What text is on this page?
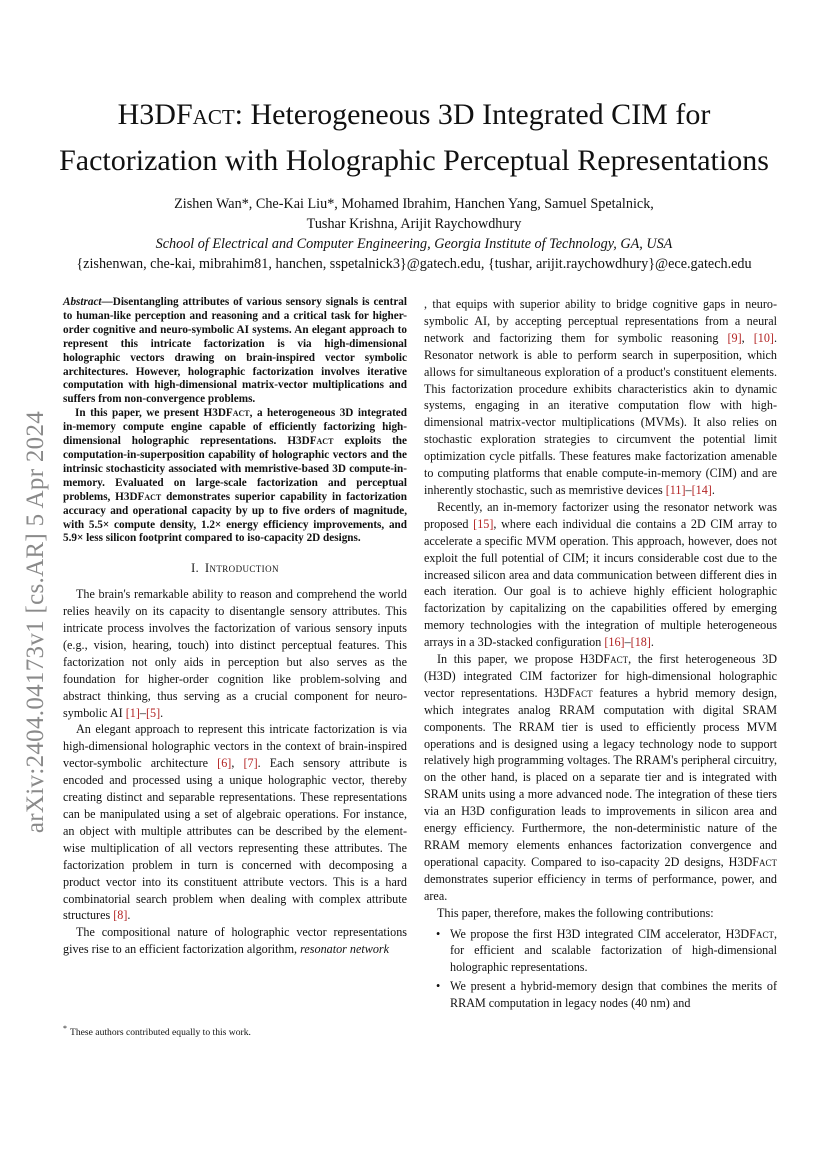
arXiv:2404.04173v1 [cs.AR] 5 Apr 2024
H3DFact: Heterogeneous 3D Integrated CIM for
Factorization with Holographic Perceptual Representations
Zishen Wan*, Che-Kai Liu*, Mohamed Ibrahim, Hanchen Yang, Samuel Spetalnick,
Tushar Krishna, Arijit Raychowdhury
School of Electrical and Computer Engineering, Georgia Institute of Technology, GA, USA
{zishenwan, che-kai, mibrahim81, hanchen, sspetalnick3}@gatech.edu, {tushar, arijit.raychowdhury}@ece.gatech.edu

Abstract—Disentangling attributes of various sensory signals is central to human-like perception and reasoning and a critical task for higher-order cognitive and neuro-symbolic AI systems. An elegant approach to represent this intricate factorization is via high-dimensional holographic vectors drawing on brain-inspired vector symbolic architectures. However, holographic factorization involves iterative computation with high-dimensional matrix-vector multiplications and suffers from non-convergence problems.

In this paper, we present H3DFact, a heterogeneous 3D integrated in-memory compute engine capable of efficiently factorizing high-dimensional holographic representations. H3DFact exploits the computation-in-superposition capability of holographic vectors and the intrinsic stochasticity associated with memristive-based 3D compute-in-memory. Evaluated on large-scale factorization and perceptual problems, H3DFact demonstrates superior capability in factorization accuracy and operational capacity by up to five orders of magnitude, with 5.5× compute density, 1.2× energy efficiency improvements, and 5.9× less silicon footprint compared to iso-capacity 2D designs.

I. Introduction

The brain's remarkable ability to reason and comprehend the world relies heavily on its capacity to disentangle sensory attributes. This intricate process involves the factorization of various sensory inputs (e.g., vision, hearing, touch) into distinct perceptual features. This factorization not only aids in perception but also serves as the foundation for higher-order cognition like problem-solving and abstract thinking, thus serving as a crucial component for neuro-symbolic AI [1]–[5].

An elegant approach to represent this intricate factorization is via high-dimensional holographic vectors in the context of brain-inspired vector-symbolic architecture [6], [7]. Each sensory attribute is encoded and processed using a unique holographic vector, thereby creating distinct and separable representations. These representations can be manipulated using a set of algebraic operations. For instance, an object with multiple attributes can be described by the element-wise multiplication of all vectors representing these attributes. The factorization problem in turn is concerned with decomposing a product vector into its constituent attribute vectors. This is a hard combinatorial search problem when dealing with complex attribute structures [8].

The compositional nature of holographic vector representations gives rise to an efficient factorization algorithm, resonator network

, that equips with superior ability to bridge cognitive gaps in neuro-symbolic AI, by accepting perceptual representations from a neural network and factorizing them for symbolic reasoning [9], [10]. Resonator network is able to perform search in superposition, which allows for simultaneous exploration of a product's constituent elements. This factorization procedure exhibits characteristics akin to dynamic systems, engaging in an iterative computation flow with high-dimensional matrix-vector multiplications (MVMs). It also relies on stochastic exploration strategies to circumvent the potential limit optimization cycle pitfalls. These features make factorization amenable to computing platforms that enable compute-in-memory (CIM) and are inherently stochastic, such as memristive devices [11]–[14].

Recently, an in-memory factorizer using the resonator network was proposed [15], where each individual die contains a 2D CIM array to accelerate a specific MVM operation. This approach, however, does not exploit the full potential of CIM; it incurs considerable cost due to the increased silicon area and data communication between different dies in each iteration. Our goal is to achieve highly efficient holographic factorization by capitalizing on the capabilities offered by emerging memory technologies with the integration of multiple heterogeneous arrays in a 3D-stacked configuration [16]–[18].

In this paper, we propose H3DFact, the first heterogeneous 3D (H3D) integrated CIM factorizer for high-dimensional holographic vector representations. H3DFact features a hybrid memory design, which integrates analog RRAM computation with digital SRAM components. The RRAM tier is used to efficiently process MVM operations and is designed using a legacy technology node to support relatively high programming voltages. The RRAM's peripheral circuitry, on the other hand, is placed on a separate tier and is integrated with SRAM units using a more advanced node. The integration of these tiers via an H3D configuration leads to improvements in silicon area and energy efficiency. Furthermore, the non-deterministic nature of the RRAM memory elements enhances factorization convergence and operational capacity. Compared to iso-capacity 2D designs, H3DFact demonstrates superior efficiency in terms of performance, power, and area.

This paper, therefore, makes the following contributions:

• We propose the first H3D integrated CIM accelerator, H3DFact, for efficient and scalable factorization of high-dimensional holographic representations.
• We present a hybrid-memory design that combines the merits of RRAM computation in legacy nodes (40 nm) and
* These authors contributed equally to this work.
